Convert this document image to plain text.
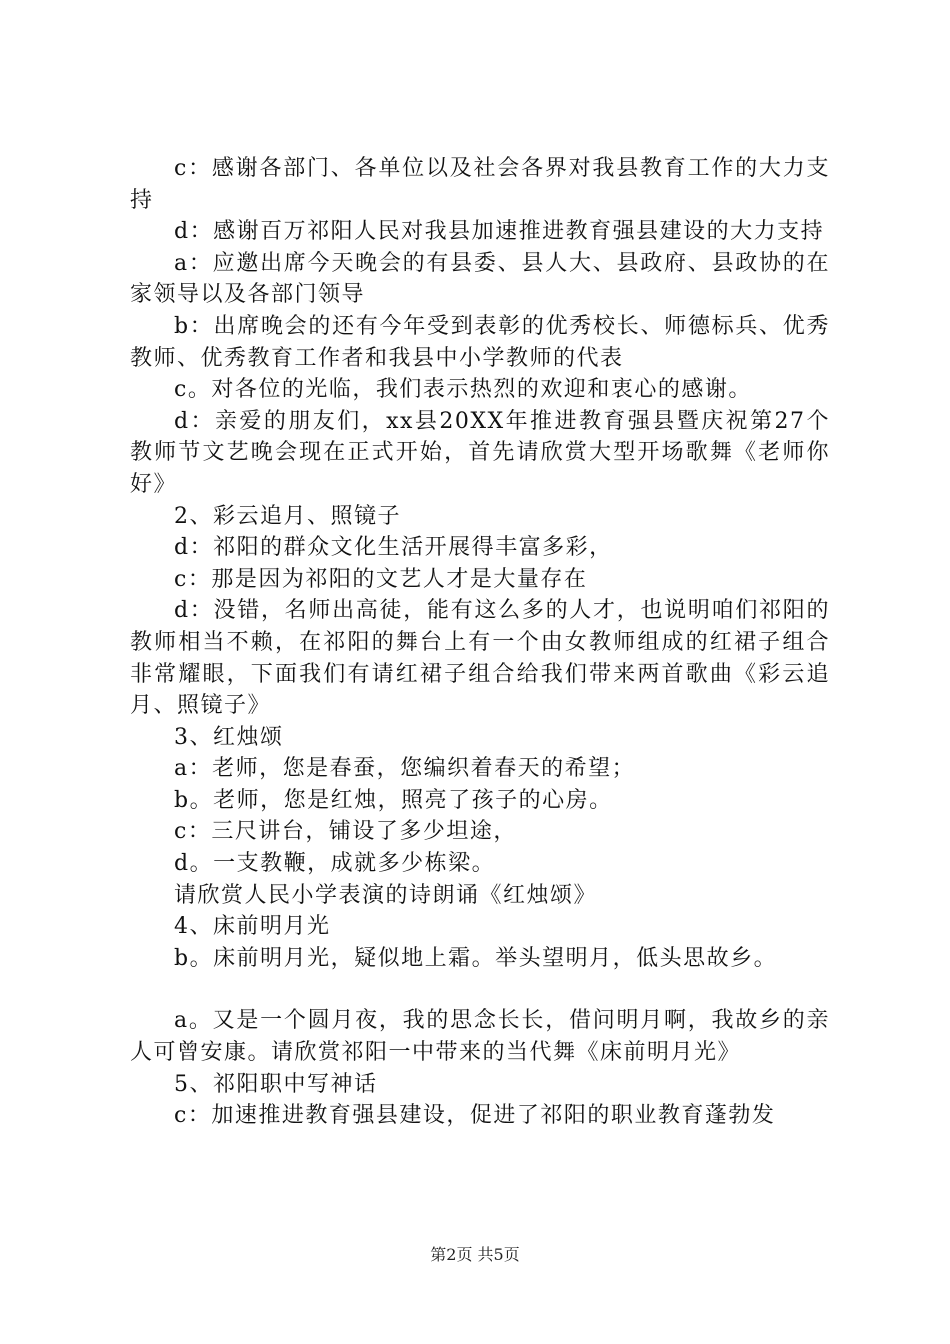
c：感谢各部门、各单位以及社会各界对我县教育工作的大力支持

d：感谢百万祁阳人民对我县加速推进教育强县建设的大力支持

a：应邀出席今天晚会的有县委、县人大、县政府、县政协的在家领导以及各部门领导

b：出席晚会的还有今年受到表彰的优秀校长、师德标兵、优秀教师、优秀教育工作者和我县中小学教师的代表

c。对各位的光临，我们表示热烈的欢迎和衷心的感谢。

d：亲爱的朋友们，xx县20XX年推进教育强县暨庆祝第27个教师节文艺晚会现在正式开始，首先请欣赏大型开场歌舞《老师你好》

2、彩云追月、照镜子

d：祁阳的群众文化生活开展得丰富多彩，

c：那是因为祁阳的文艺人才是大量存在

d：没错，名师出高徒，能有这么多的人才，也说明咱们祁阳的教师相当不赖，在祁阳的舞台上有一个由女教师组成的红裙子组合非常耀眼，下面我们有请红裙子组合给我们带来两首歌曲《彩云追月、照镜子》

3、红烛颂

a：老师，您是春蚕，您编织着春天的希望；

b。老师，您是红烛，照亮了孩子的心房。

c：三尺讲台，铺设了多少坦途，

d。一支教鞭，成就多少栋梁。

请欣赏人民小学表演的诗朗诵《红烛颂》

4、床前明月光

b。床前明月光，疑似地上霜。举头望明月，低头思故乡。

a。又是一个圆月夜，我的思念长长，借问明月啊，我故乡的亲人可曾安康。请欣赏祁阳一中带来的当代舞《床前明月光》

5、祁阳职中写神话

c：加速推进教育强县建设，促进了祁阳的职业教育蓬勃发

第2页 共5页
